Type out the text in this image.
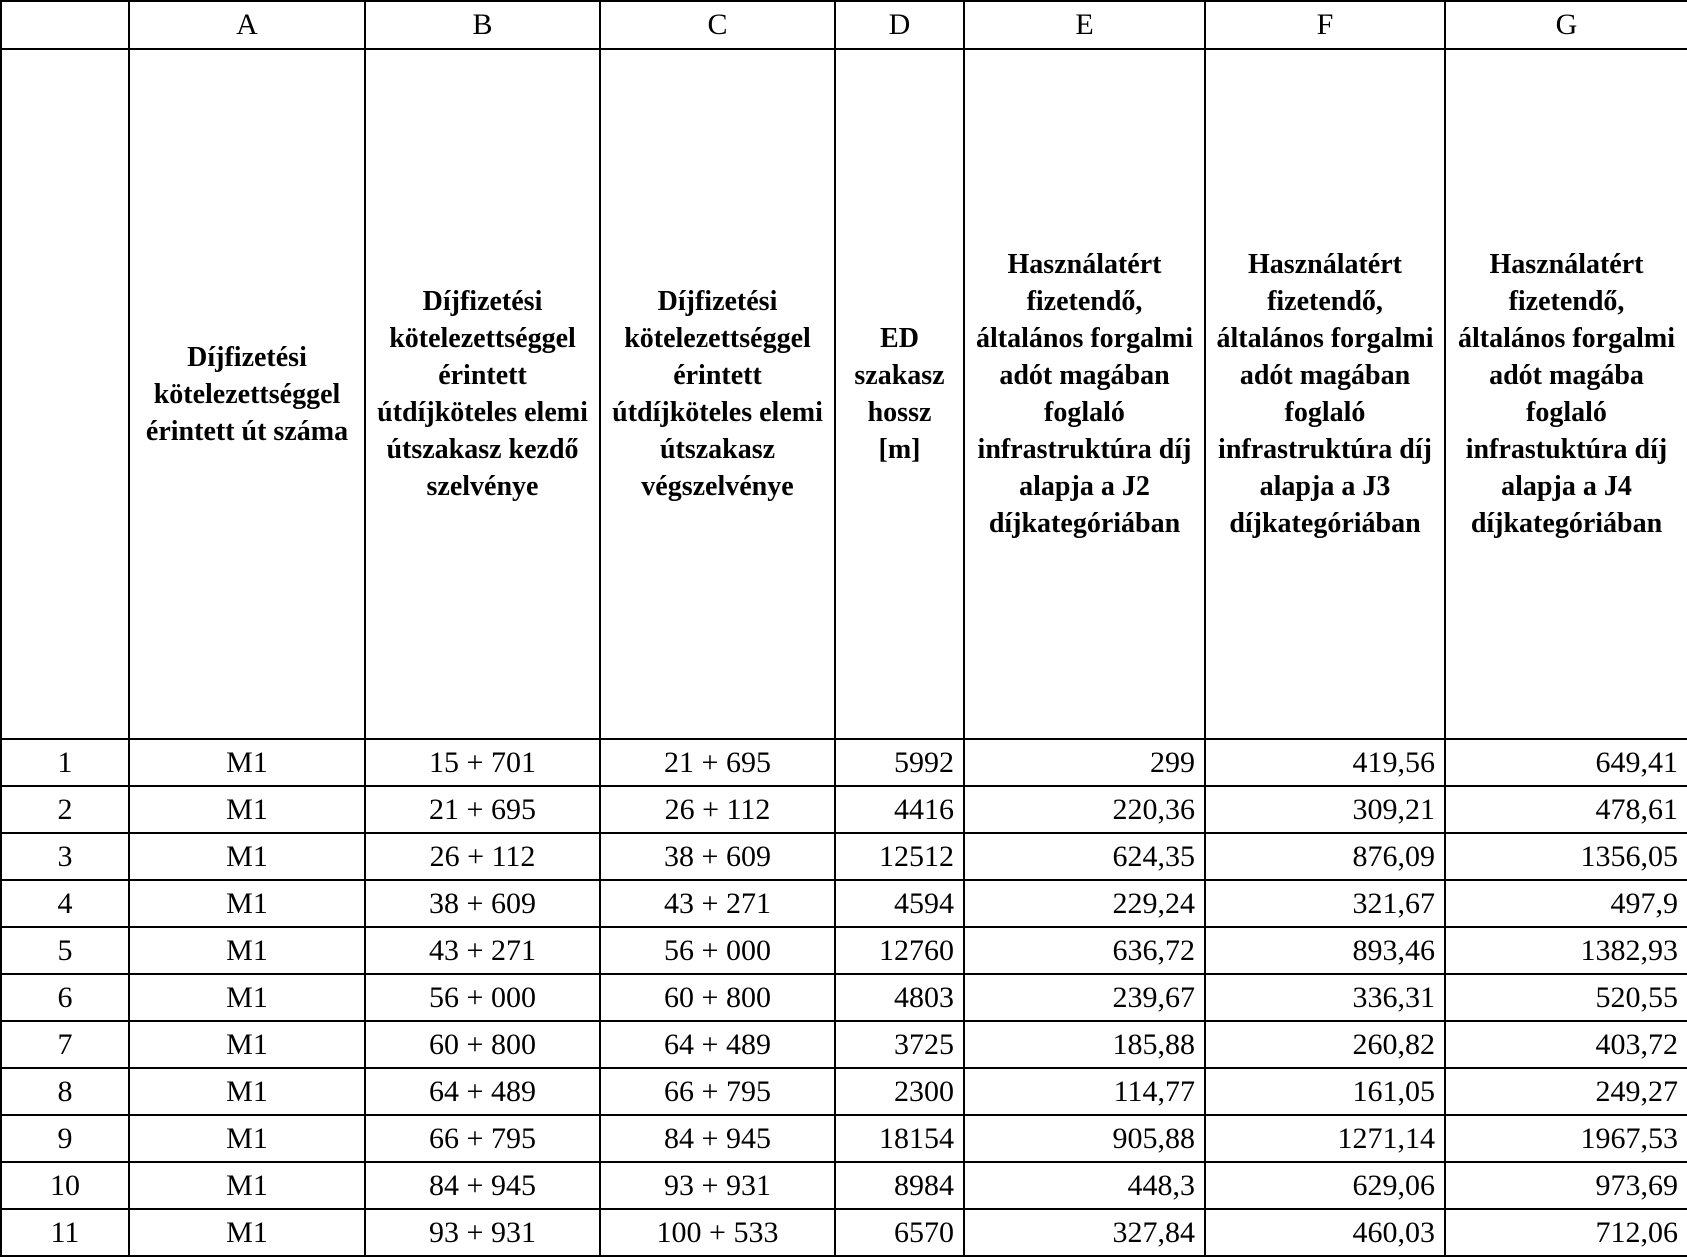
	A	B	C	D	E	F	G
	Díjfizetési kötelezettséggel érintett út száma	Díjfizetési kötelezettséggel érintett útdíjköteles elemi útszakasz kezdő szelvénye	Díjfizetési kötelezettséggel érintett útdíjköteles elemi útszakasz végszelvénye	ED szakasz hossz [m]	Használatért fizetendő, általános forgalmi adót magában foglaló infrastruktúra díj alapja a J2 díjkategóriában	Használatért fizetendő, általános forgalmi adót magában foglaló infrastruktúra díj alapja a J3 díjkategóriában	Használatért fizetendő, általános forgalmi adót magába foglaló infrastuktúra díj alapja a J4 díjkategóriában
1	M1	15 + 701	21 + 695	5992	299	419,56	649,41
2	M1	21 + 695	26 + 112	4416	220,36	309,21	478,61
3	M1	26 + 112	38 + 609	12512	624,35	876,09	1356,05
4	M1	38 + 609	43 + 271	4594	229,24	321,67	497,9
5	M1	43 + 271	56 + 000	12760	636,72	893,46	1382,93
6	M1	56 + 000	60 + 800	4803	239,67	336,31	520,55
7	M1	60 + 800	64 + 489	3725	185,88	260,82	403,72
8	M1	64 + 489	66 + 795	2300	114,77	161,05	249,27
9	M1	66 + 795	84 + 945	18154	905,88	1271,14	1967,53
10	M1	84 + 945	93 + 931	8984	448,3	629,06	973,69
11	M1	93 + 931	100 + 533	6570	327,84	460,03	712,06
